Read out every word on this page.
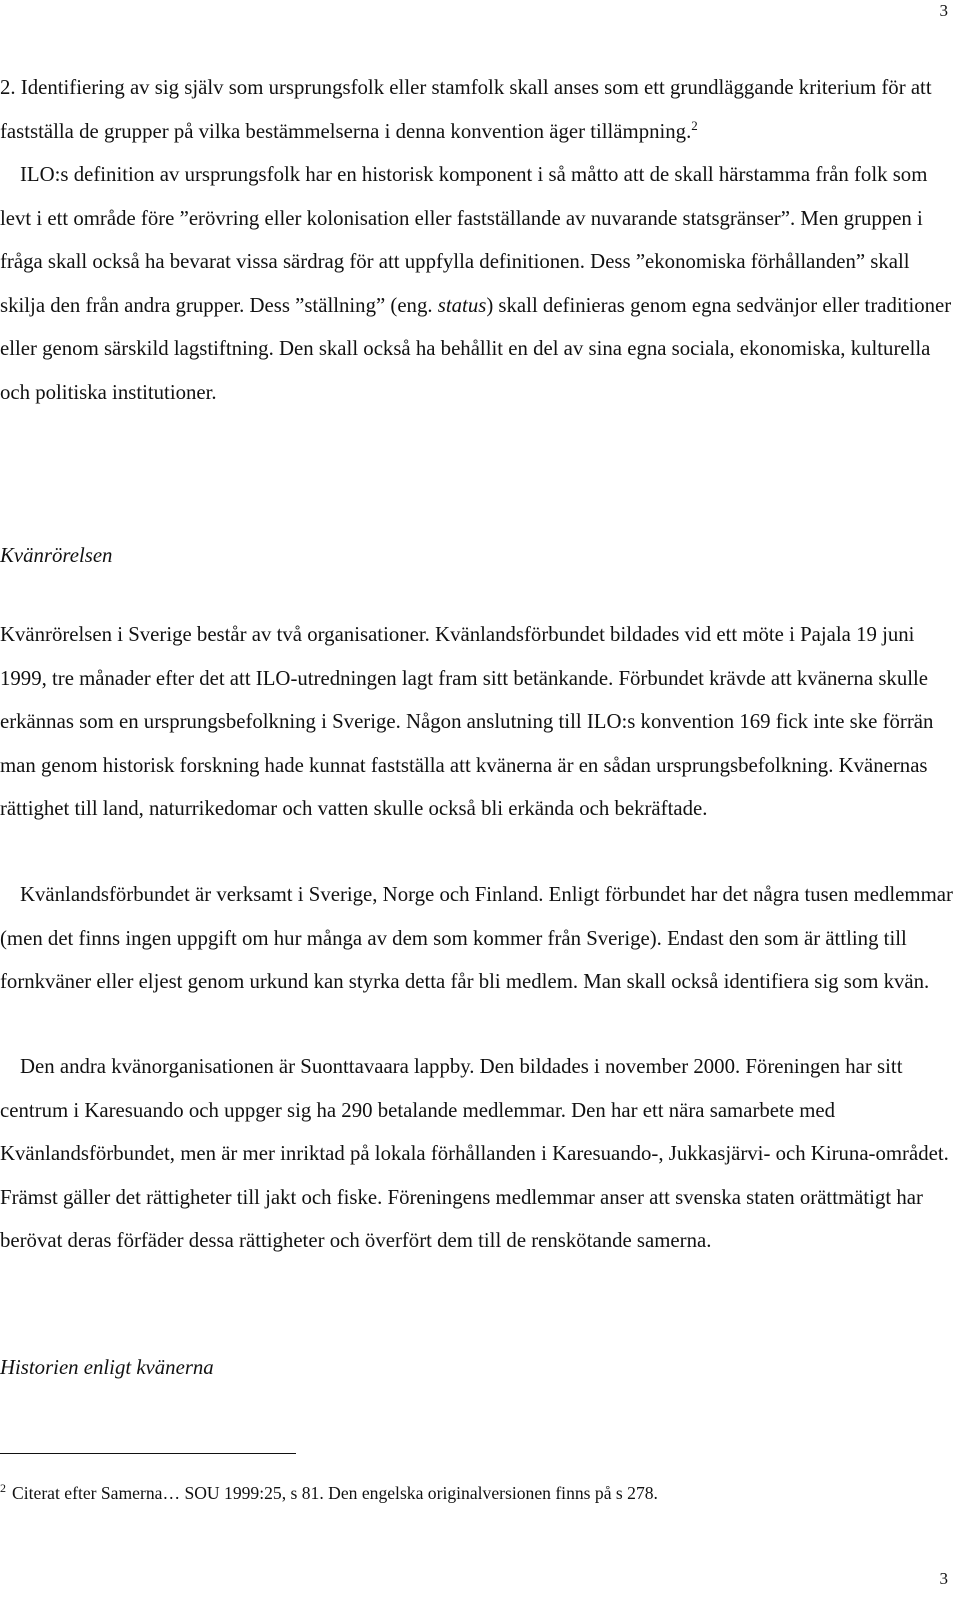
3
2. Identifiering av sig själv som ursprungsfolk eller stamfolk skall anses som ett grundläggande kriterium för att fastställa de grupper på vilka bestämmelserna i denna konvention äger tillämpning.$^2$
ILO:s definition av ursprungsfolk har en historisk komponent i så måtto att de skall härstamma från folk som levt i ett område före ”erövring eller kolonisation eller fastställande av nuvarande statsgränser”. Men gruppen i fråga skall också ha bevarat vissa särdrag för att uppfylla definitionen. Dess ”ekonomiska förhållanden” skall skilja den från andra grupper. Dess ”ställning” (eng. status) skall definieras genom egna sedvänjor eller traditioner eller genom särskild lagstiftning. Den skall också ha behållit en del av sina egna sociala, ekonomiska, kulturella och politiska institutioner.

Kvänrörelsen

Kvänrörelsen i Sverige består av två organisationer. Kvänlandsförbundet bildades vid ett möte i Pajala 19 juni 1999, tre månader efter det att ILO-utredningen lagt fram sitt betänkande. Förbundet krävde att kvänerna skulle erkännas som en ursprungsbefolkning i Sverige. Någon anslutning till ILO:s konvention 169 fick inte ske förrän man genom historisk forskning hade kunnat fastställa att kvänerna är en sådan ursprungsbefolkning. Kvänernas rättighet till land, naturrikedomar och vatten skulle också bli erkända och bekräftade.

Kvänlandsförbundet är verksamt i Sverige, Norge och Finland. Enligt förbundet har det några tusen medlemmar (men det finns ingen uppgift om hur många av dem som kommer från Sverige). Endast den som är ättling till fornkväner eller eljest genom urkund kan styrka detta får bli medlem. Man skall också identifiera sig som kvän.

Den andra kvänorganisationen är Suonttavaara lappby. Den bildades i november 2000. Föreningen har sitt centrum i Karesuando och uppger sig ha 290 betalande medlemmar. Den har ett nära samarbete med Kvänlandsförbundet, men är mer inriktad på lokala förhållanden i Karesuando-, Jukkasjärvi- och Kiruna-området. Främst gäller det rättigheter till jakt och fiske. Föreningens medlemmar anser att svenska staten orättmätigt har berövat deras förfäder dessa rättigheter och överfört dem till de renskötande samerna.

Historien enligt kvänerna

$^2$ Citerat efter Samerna… SOU 1999:25, s 81. Den engelska originalversionen finns på s 278.

3
